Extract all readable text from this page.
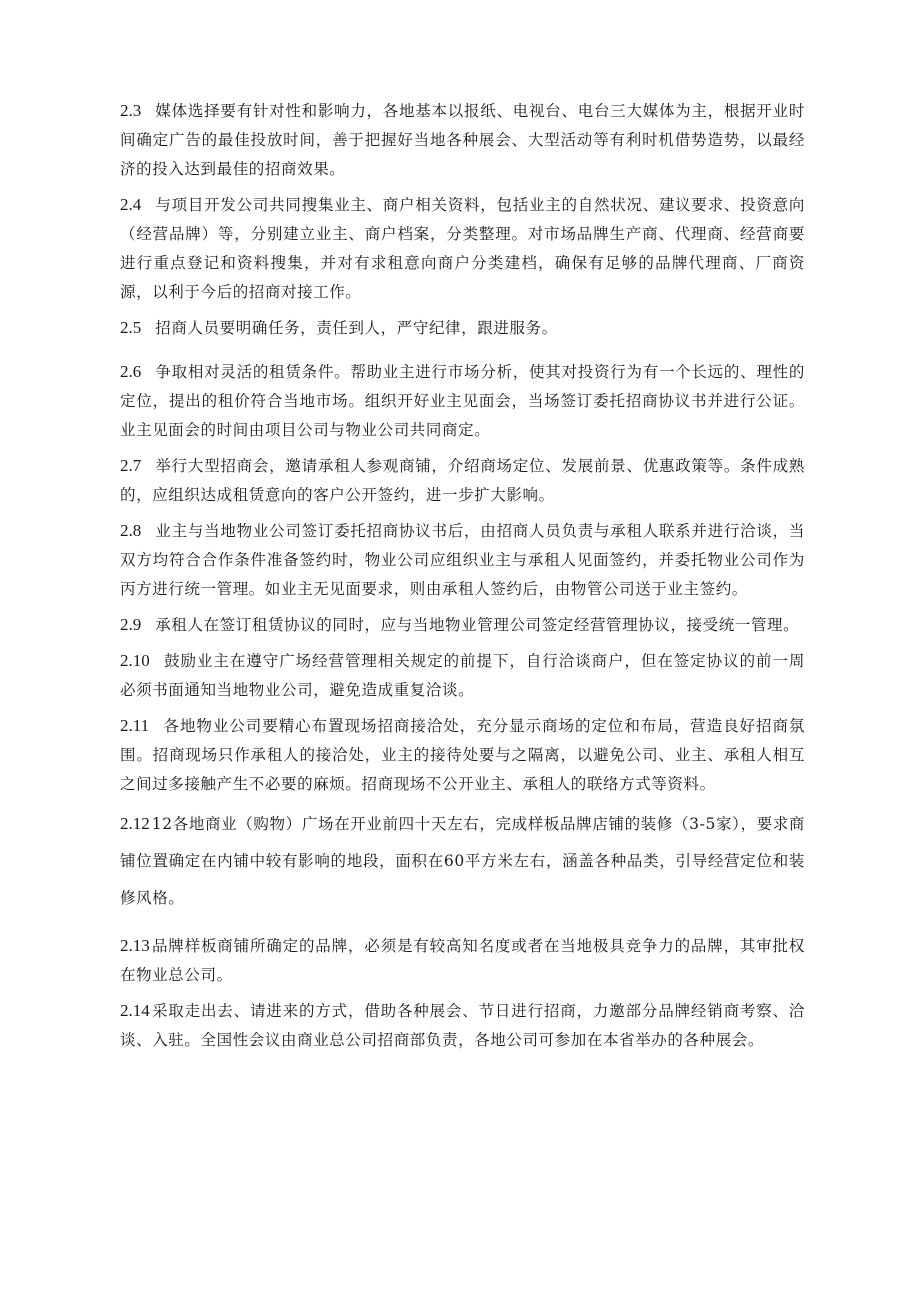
2.3 媒体选择要有针对性和影响力，各地基本以报纸、电视台、电台三大媒体为主，根据开业时间确定广告的最佳投放时间，善于把握好当地各种展会、大型活动等有利时机借势造势，以最经济的投入达到最佳的招商效果。

2.4 与项目开发公司共同搜集业主、商户相关资料，包括业主的自然状况、建议要求、投资意向（经营品牌）等，分别建立业主、商户档案，分类整理。对市场品牌生产商、代理商、经营商要进行重点登记和资料搜集，并对有求租意向商户分类建档，确保有足够的品牌代理商、厂商资源，以利于今后的招商对接工作。

2.5 招商人员要明确任务，责任到人，严守纪律，跟进服务。

2.6 争取相对灵活的租赁条件。帮助业主进行市场分析，使其对投资行为有一个长远的、理性的定位，提出的租价符合当地市场。组织开好业主见面会，当场签订委托招商协议书并进行公证。业主见面会的时间由项目公司与物业公司共同商定。

2.7 举行大型招商会，邀请承租人参观商铺，介绍商场定位、发展前景、优惠政策等。条件成熟的，应组织达成租赁意向的客户公开签约，进一步扩大影响。

2.8 业主与当地物业公司签订委托招商协议书后，由招商人员负责与承租人联系并进行洽谈，当双方均符合合作条件准备签约时，物业公司应组织业主与承租人见面签约，并委托物业公司作为丙方进行统一管理。如业主无见面要求，则由承租人签约后，由物管公司送于业主签约。

2.9 承租人在签订租赁协议的同时，应与当地物业管理公司签定经营管理协议，接受统一管理。

2.10 鼓励业主在遵守广场经营管理相关规定的前提下，自行洽谈商户，但在签定协议的前一周必须书面通知当地物业公司，避免造成重复洽谈。

2.11 各地物业公司要精心布置现场招商接洽处，充分显示商场的定位和布局，营造良好招商氛围。招商现场只作承租人的接洽处，业主的接待处要与之隔离，以避免公司、业主、承租人相互之间过多接触产生不必要的麻烦。招商现场不公开业主、承租人的联络方式等资料。

2.12 12各地商业（购物）广场在开业前四十天左右，完成样板品牌店铺的装修（3-5家），要求商铺位置确定在内铺中较有影响的地段，面积在60平方米左右，涵盖各种品类，引导经营定位和装修风格。

2.13 品牌样板商铺所确定的品牌，必须是有较高知名度或者在当地极具竞争力的品牌，其审批权在物业总公司。

2.14 采取走出去、请进来的方式，借助各种展会、节日进行招商，力邀部分品牌经销商考察、洽谈、入驻。全国性会议由商业总公司招商部负责，各地公司可参加在本省举办的各种展会。
